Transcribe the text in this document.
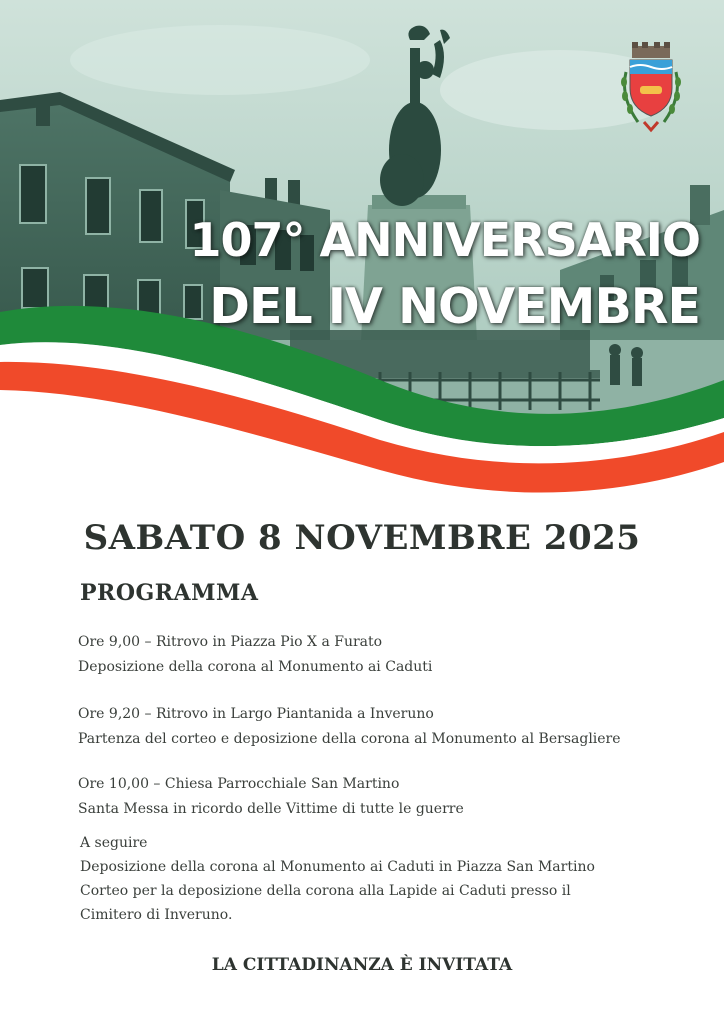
107° ANNIVERSARIO
DEL IV NOVEMBRE
SABATO 8 NOVEMBRE 2025
PROGRAMMA
Ore 9,00 – Ritrovo in Piazza Pio X a Furato
Deposizione della corona al Monumento ai Caduti
Ore 9,20 – Ritrovo in Largo Piantanida a Inveruno
Partenza del corteo e deposizione della corona al Monumento al Bersagliere
Ore 10,00 – Chiesa Parrocchiale San Martino
Santa Messa in ricordo delle Vittime di tutte le guerre
A seguire
Deposizione della corona al Monumento ai Caduti in Piazza San Martino
Corteo per la deposizione della corona alla Lapide ai Caduti presso il
Cimitero di Inveruno.
LA CITTADINANZA È INVITATA
